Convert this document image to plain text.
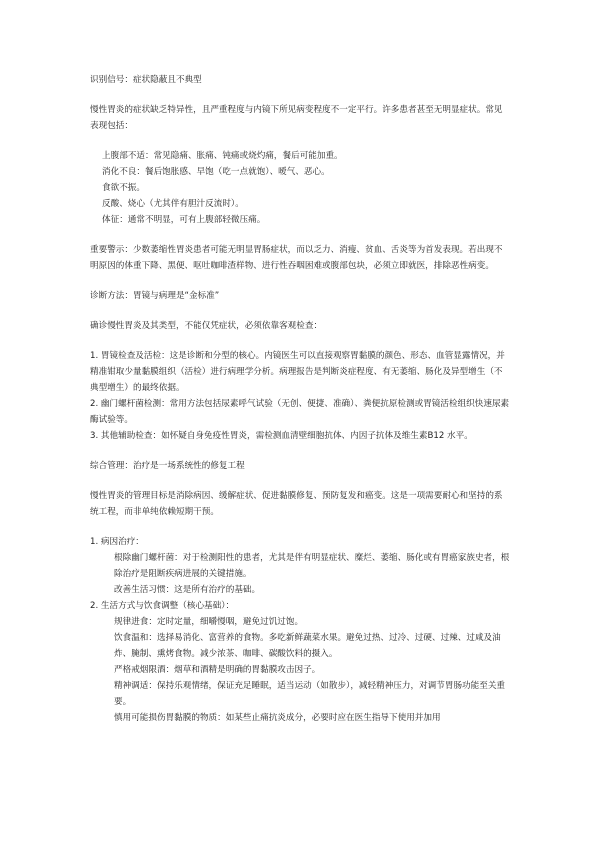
识别信号：症状隐蔽且不典型

慢性胃炎的症状缺乏特异性，且严重程度与内镜下所见病变程度不一定平行。许多患者甚至无明显症状。常见表现包括：

上腹部不适：常见隐痛、胀痛、钝痛或烧灼痛，餐后可能加重。

消化不良：餐后饱胀感、早饱（吃一点就饱）、嗳气、恶心。

食欲不振。

反酸、烧心（尤其伴有胆汁反流时）。

体征：通常不明显，可有上腹部轻微压痛。

重要警示：少数萎缩性胃炎患者可能无明显胃肠症状，而以乏力、消瘦、贫血、舌炎等为首发表现。若出现不明原因的体重下降、黑便、呕吐咖啡渣样物、进行性吞咽困难或腹部包块，必须立即就医，排除恶性病变。

诊断方法：胃镜与病理是“金标准”

确诊慢性胃炎及其类型，不能仅凭症状，必须依靠客观检查：

1. 胃镜检查及活检：这是诊断和分型的核心。内镜医生可以直接观察胃黏膜的颜色、形态、血管显露情况，并精准钳取少量黏膜组织（活检）进行病理学分析。病理报告是判断炎症程度、有无萎缩、肠化及异型增生（不典型增生）的最终依据。

2. 幽门螺杆菌检测：常用方法包括尿素呼气试验（无创、便捷、准确）、粪便抗原检测或胃镜活检组织快速尿素酶试验等。

3. 其他辅助检查：如怀疑自身免疫性胃炎，需检测血清壁细胞抗体、内因子抗体及维生素B12 水平。

综合管理：治疗是一场系统性的修复工程

慢性胃炎的管理目标是消除病因、缓解症状、促进黏膜修复、预防复发和癌变。这是一项需要耐心和坚持的系统工程，而非单纯依赖短期干预。

1. 病因治疗：

根除幽门螺杆菌：对于检测阳性的患者，尤其是伴有明显症状、糜烂、萎缩、肠化或有胃癌家族史者，根除治疗是阻断疾病进展的关键措施。

改善生活习惯：这是所有治疗的基础。

2. 生活方式与饮食调整（核心基础）：

规律进食：定时定量，细嚼慢咽，避免过饥过饱。

饮食温和：选择易消化、富营养的食物。多吃新鲜蔬菜水果。避免过热、过冷、过硬、过辣、过咸及油炸、腌制、熏烤食物。减少浓茶、咖啡、碳酸饮料的摄入。

严格戒烟限酒：烟草和酒精是明确的胃黏膜攻击因子。

精神调适：保持乐观情绪，保证充足睡眠，适当运动（如散步），减轻精神压力，对调节胃肠功能至关重要。

慎用可能损伤胃黏膜的物质：如某些止痛抗炎成分，必要时应在医生指导下使用并加用
